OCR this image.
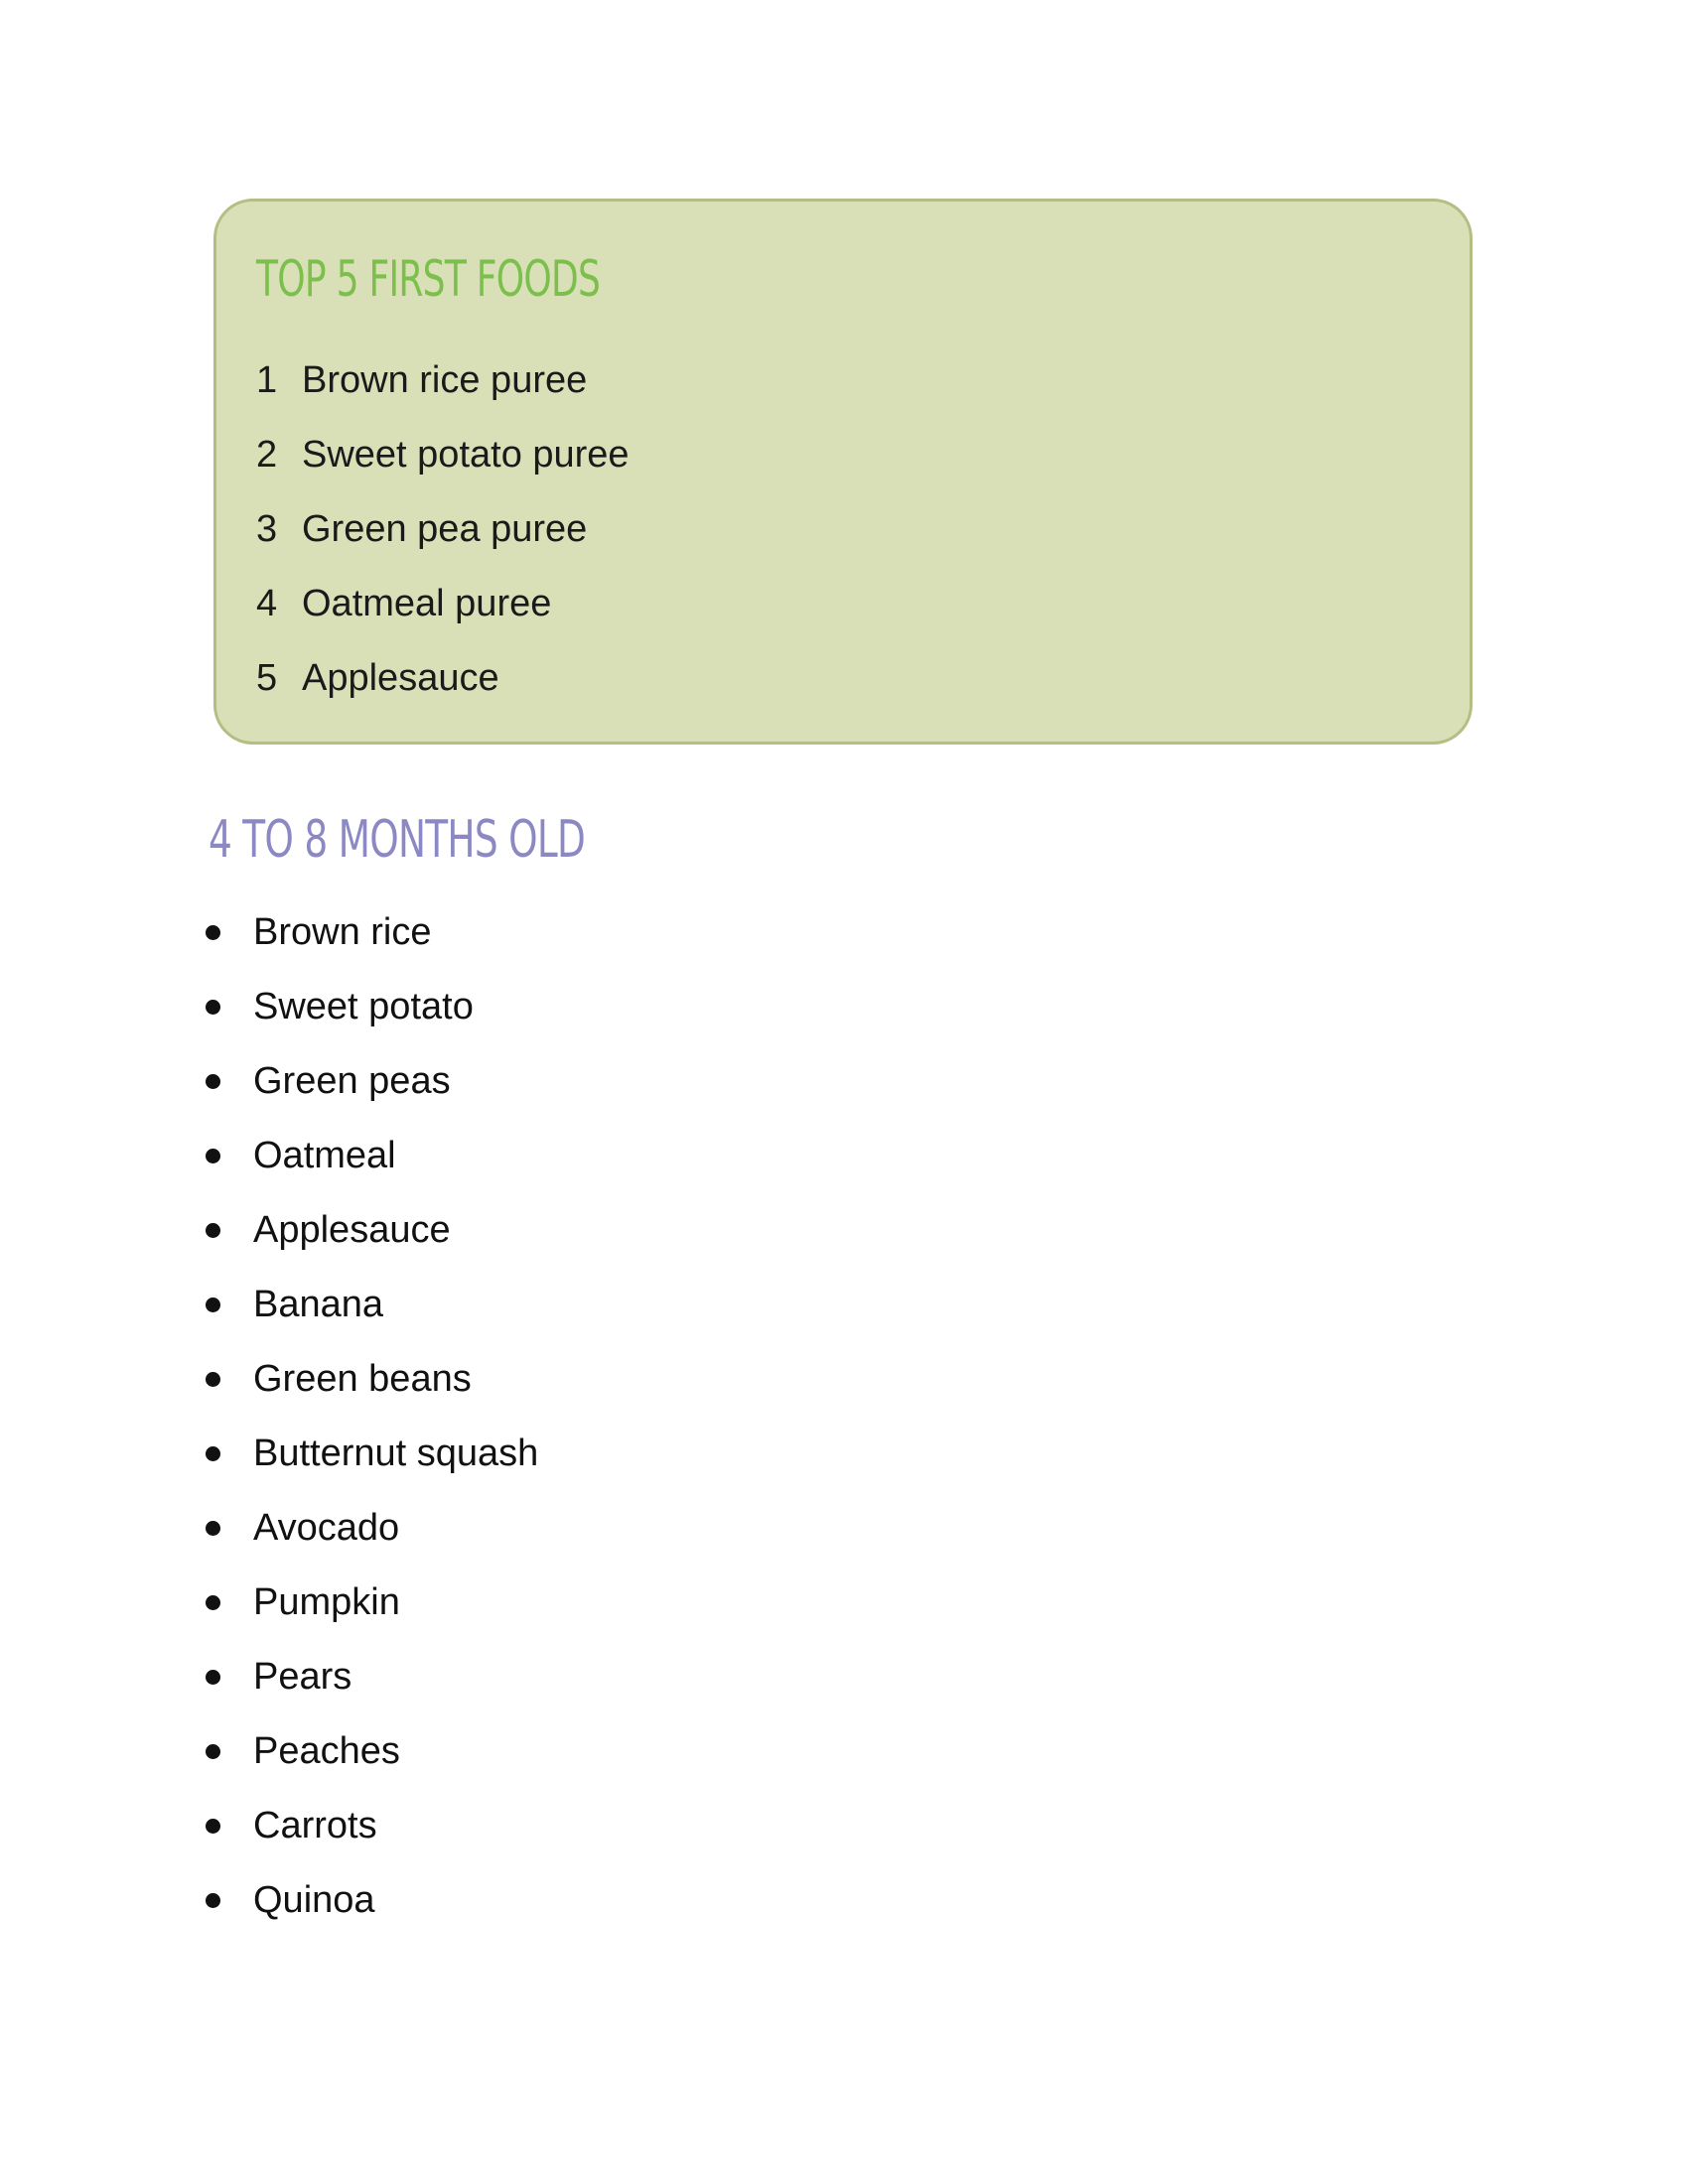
TOP 5 FIRST FOODS
1 Brown rice puree
2 Sweet potato puree
3 Green pea puree
4 Oatmeal puree
5 Applesauce
4 TO 8 MONTHS OLD
Brown rice
Sweet potato
Green peas
Oatmeal
Applesauce
Banana
Green beans
Butternut squash
Avocado
Pumpkin
Pears
Peaches
Carrots
Quinoa
